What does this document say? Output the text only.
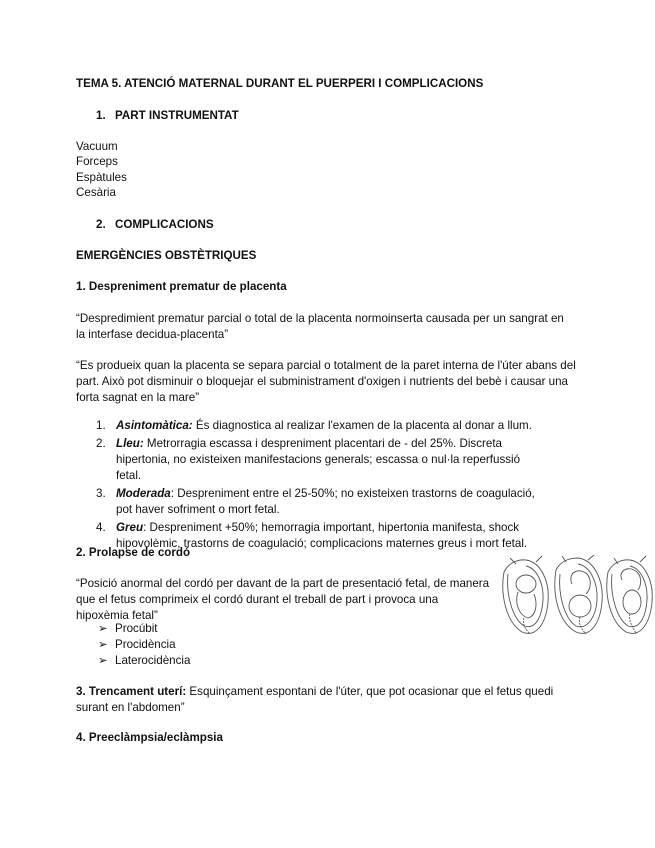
TEMA 5. ATENCIÓ MATERNAL DURANT EL PUERPERI I COMPLICACIONS
1. PART INSTRUMENTAT
Vacuum
Forceps
Espàtules
Cesària
2. COMPLICACIONS
EMERGÈNCIES OBSTÈTRIQUES
1. Despreniment prematur de placenta
“Despredimient prematur parcial o total de la placenta normoinserta causada per un sangrat en la interfase decidua-placenta”
“Es produeix quan la placenta se separa parcial o totalment de la paret interna de l'úter abans del part. Això pot disminuir o bloquejar el subministrament d'oxigen i nutrients del bebè i causar una forta sagnat en la mare”
1. Asintomàtica: És diagnostica al realizar l'examen de la placenta al donar a llum.
2. Lleu: Metrorragia escassa i despreniment placentari de - del 25%. Discreta hipertonia, no existeixen manifestacions generals; escassa o nul·la reperfussió fetal.
3. Moderada: Despreniment entre el 25-50%; no existeixen trastorns de coagulació, pot haver sofriment o mort fetal.
4. Greu: Despreniment +50%; hemorragia important, hipertonia manifesta, shock hipovolèmic, trastorns de coagulació; complicacions maternes greus i mort fetal.
2. Prolapse de cordó
“Posició anormal del cordó per davant de la part de presentació fetal, de manera que el fetus comprimeix el cordó durant el treball de part i provoca una hipoxèmia fetal”
➢ Procúbit
➢ Procidència
➢ Laterocidència
3. Trencament uterí: Esquinçament espontani de l'úter, que pot ocasionar que el fetus quedi surant en l'abdomen”
4. Preeclàmpsia/eclàmpsia
